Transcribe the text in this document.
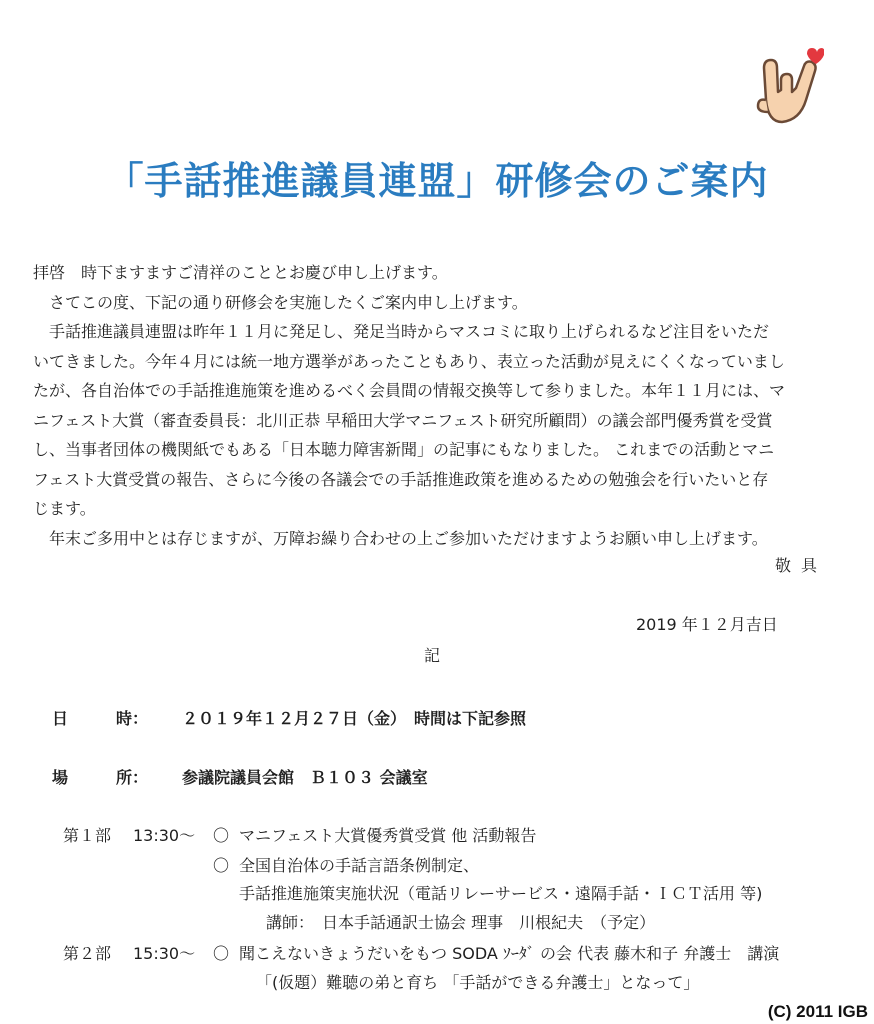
「手話推進議員連盟」研修会のご案内
拝啓　時下ますますご清祥のこととお慶び申し上げます。
　さてこの度、下記の通り研修会を実施したくご案内申し上げます。
　手話推進議員連盟は昨年１１月に発足し、発足当時からマスコミに取り上げられるなど注目をいただ
いてきました。今年４月には統一地方選挙があったこともあり、表立った活動が見えにくくなっていまし
たが、各自治体での手話推進施策を進めるべく会員間の情報交換等して参りました。本年１１月には、マ
ニフェスト大賞（審査委員長：北川正恭 早稲田大学マニフェスト研究所顧問）の議会部門優秀賞を受賞
し、当事者団体の機関紙でもある「日本聴力障害新聞」の記事にもなりました。 これまでの活動とマニ
フェスト大賞受賞の報告、さらに今後の各議会での手話推進政策を進めるための勉強会を行いたいと存
じます。
　年末ご多用中とは存じますが、万障お繰り合わせの上ご参加いただけますようお願い申し上げます。
敬具
2019 年１２月吉日
記
日　　　時： ２０１９年１２月２７日（金）　時間は下記参照
場　　　所： 参議院議員会館　Ｂ１０３ 会議室
第１部 13:30～ 〇 マニフェスト大賞優秀賞受賞 他 活動報告
〇 全国自治体の手話言語条例制定、
手話推進施策実施状況（電話リレーサービス・遠隔手話・ＩＣＴ活用 等)
講師：　日本手話通訳士協会 理事　川根紀夫　（予定）
第２部 15:30～ 〇 聞こえないきょうだいをもつ SODA ｿｰﾀﾞ の会 代表 藤木和子 弁護士　講演
「(仮題）難聴の弟と育ち 「手話ができる弁護士」となって」
(C) 2011 IGB
